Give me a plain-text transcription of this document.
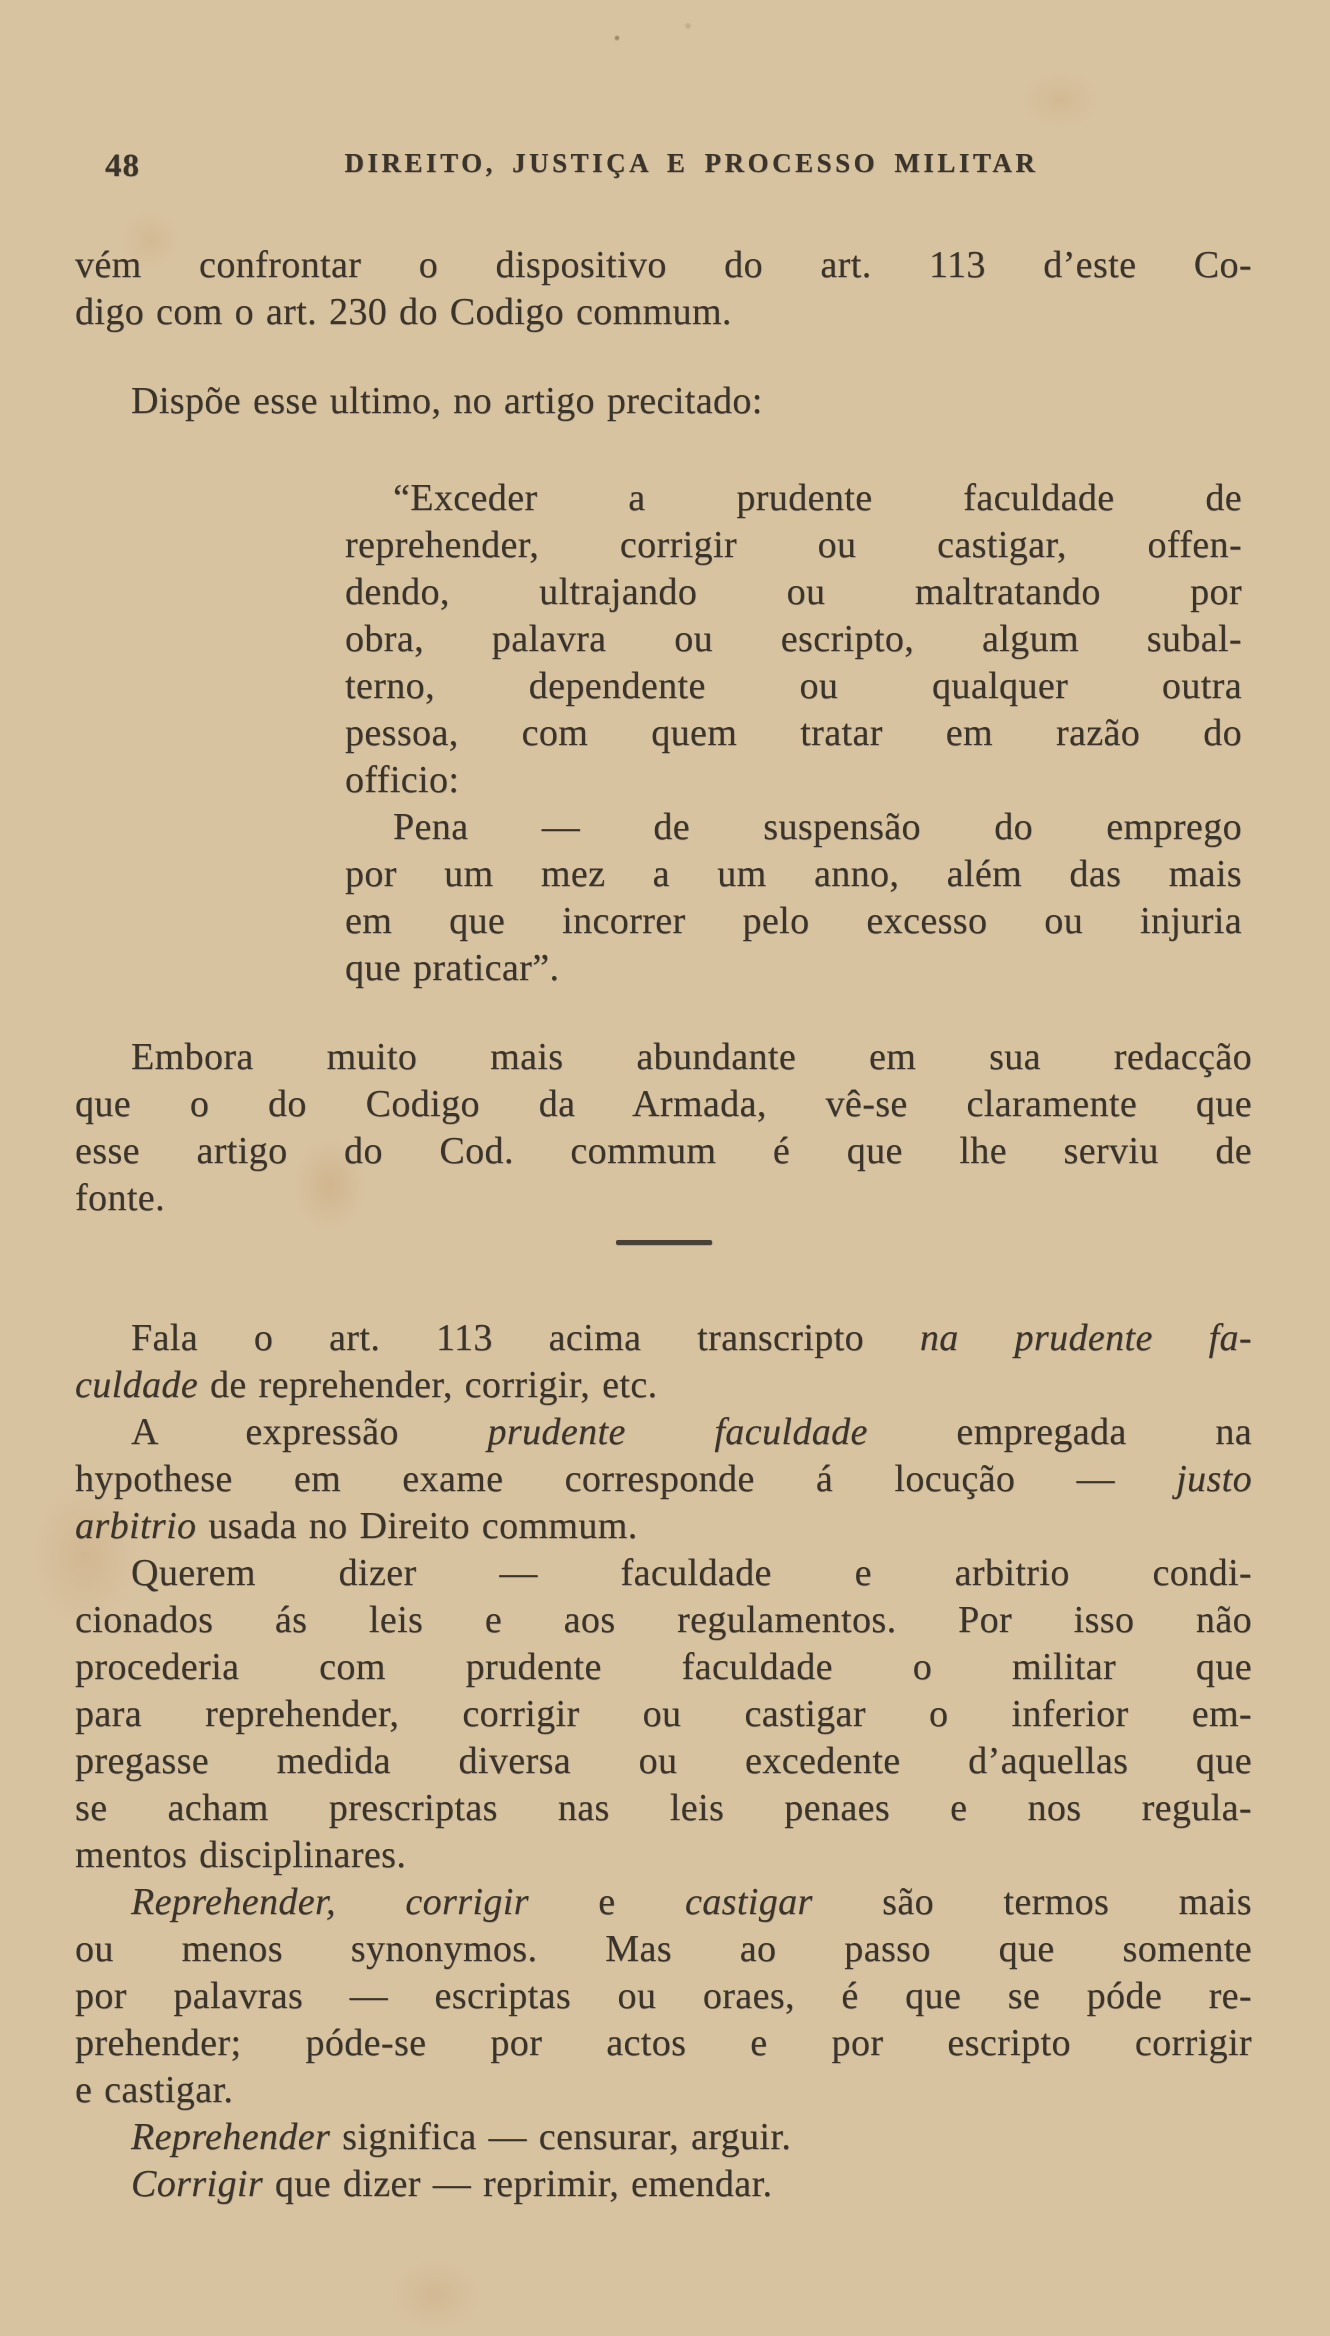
48	DIREITO, JUSTIÇA E PROCESSO MILITAR
vém confrontar o dispositivo do art. 113 d’este Co-
digo com o art. 230 do Codigo commum.
Dispõe esse ultimo, no artigo precitado:
“Exceder a prudente faculdade de
reprehender, corrigir ou castigar, offen-
dendo, ultrajando ou maltratando por
obra, palavra ou escripto, algum subal-
terno, dependente ou qualquer outra
pessoa, com quem tratar em razão do
officio:
Pena — de suspensão do emprego
por um mez a um anno, além das mais
em que incorrer pelo excesso ou injuria
que praticar”.
Embora muito mais abundante em sua redacção
que o do Codigo da Armada, vê-se claramente que
esse artigo do Cod. commum é que lhe serviu de
fonte.
Fala o art. 113 acima transcripto na prudente fa-
culdade de reprehender, corrigir, etc.
A expressão prudente faculdade empregada na
hypothese em exame corresponde á locução — justo
arbitrio usada no Direito commum.
Querem dizer — faculdade e arbitrio condi-
cionados ás leis e aos regulamentos. Por isso não
procederia com prudente faculdade o militar que
para reprehender, corrigir ou castigar o inferior em-
pregasse medida diversa ou excedente d’aquellas que
se acham prescriptas nas leis penaes e nos regula-
mentos disciplinares.
Reprehender, corrigir e castigar são termos mais
ou menos synonymos. Mas ao passo que somente
por palavras — escriptas ou oraes, é que se póde re-
prehender; póde-se por actos e por escripto corrigir
e castigar.
Reprehender significa — censurar, arguir.
Corrigir que dizer — reprimir, emendar.
